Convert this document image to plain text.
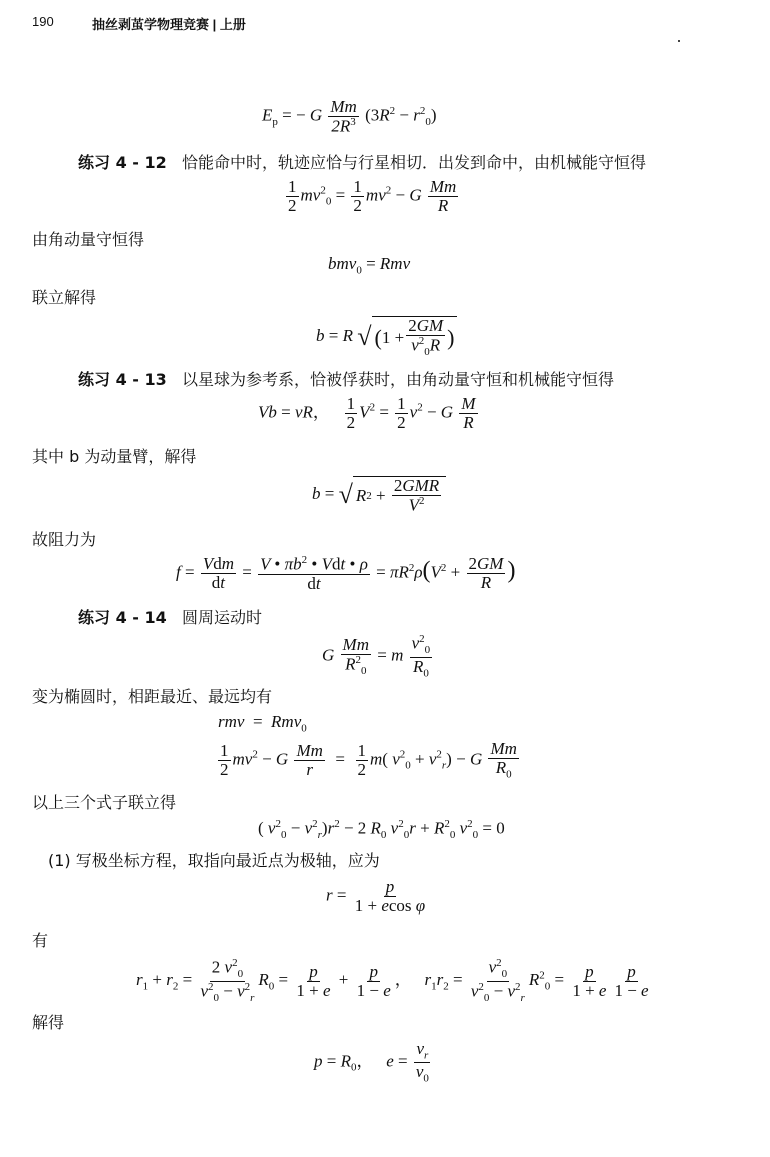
190	抽丝剥茧学物理竞赛 | 上册
$E_p$ = − G $\frac{Mm}{2R^3} (3R^2 - r^2_0)$
练习 4 - 12 恰能命中时，轨迹应恰与行星相切．出发到命中，由机械能守恒得
$\frac{1}{2} mv^2_0 = \frac{1}{2} mv^2 - G \frac{Mm}{R}$
由角动量守恒得
bmv$_0$ = Rmv
联立解得
b = R √ ( $1 + \frac{2GM}{v^2_0R}$ )
练习 4 - 13 以星球为参考系，恰被俘获时，由角动量守恒和机械能守恒得
Vb = vR， $\frac{1}{2} V^2 = \frac{1}{2} v^2 - G \frac{M}{R}$
其中 b 为动量臂，解得
b = √ R $2 + \frac{\text{2GMR}}{V^2}$
故阻力为
$f = \frac{\text{Vdm}}{dt} = \frac{V • \pi b^2 • Vdt • \rho}{dt} = \pi R^2\rho(V^2 + \frac{2GM}{R}$ )
练习 4 - 14 圆周运动时
G $\frac{Mm}{R^2_0} = m \frac{v^2_0}{R_0}$
变为椭圆时，相距最近、最远均有
rmv  =  Rmv$_0$
$\frac{1}{2} mv^2 - G \frac{Mm}{r} = \frac{1}{2} m$( $v^2_0 + v^2_r) - G \frac{Mm}{R_0}$
以上三个式子联立得
( $v^2_0 - v^2_r)r^2 - 2$ $R_0$ $v^2_0r + R^2_0$ $v^2_0 = 0$
(1) 写极坐标方程，取指向最近点为极轴，应为
$r = \frac{p}{\text{1 + ecos φ}}$
有
$r_1 + r_2 = \frac{2 v^2_0}{v^2_0 - v^2_r} R_0 = \frac{p}{1 + e} + \frac{p}{1 - e}$ ，   $r_1r_2 = \frac{v^2_0}{v^2_0 - v^2_r} R^2_0 = \frac{p}{1 + e} \frac{p}{1 - e}$
解得
$p = R_0$，   $e = \frac{v_r}{v_0}$
